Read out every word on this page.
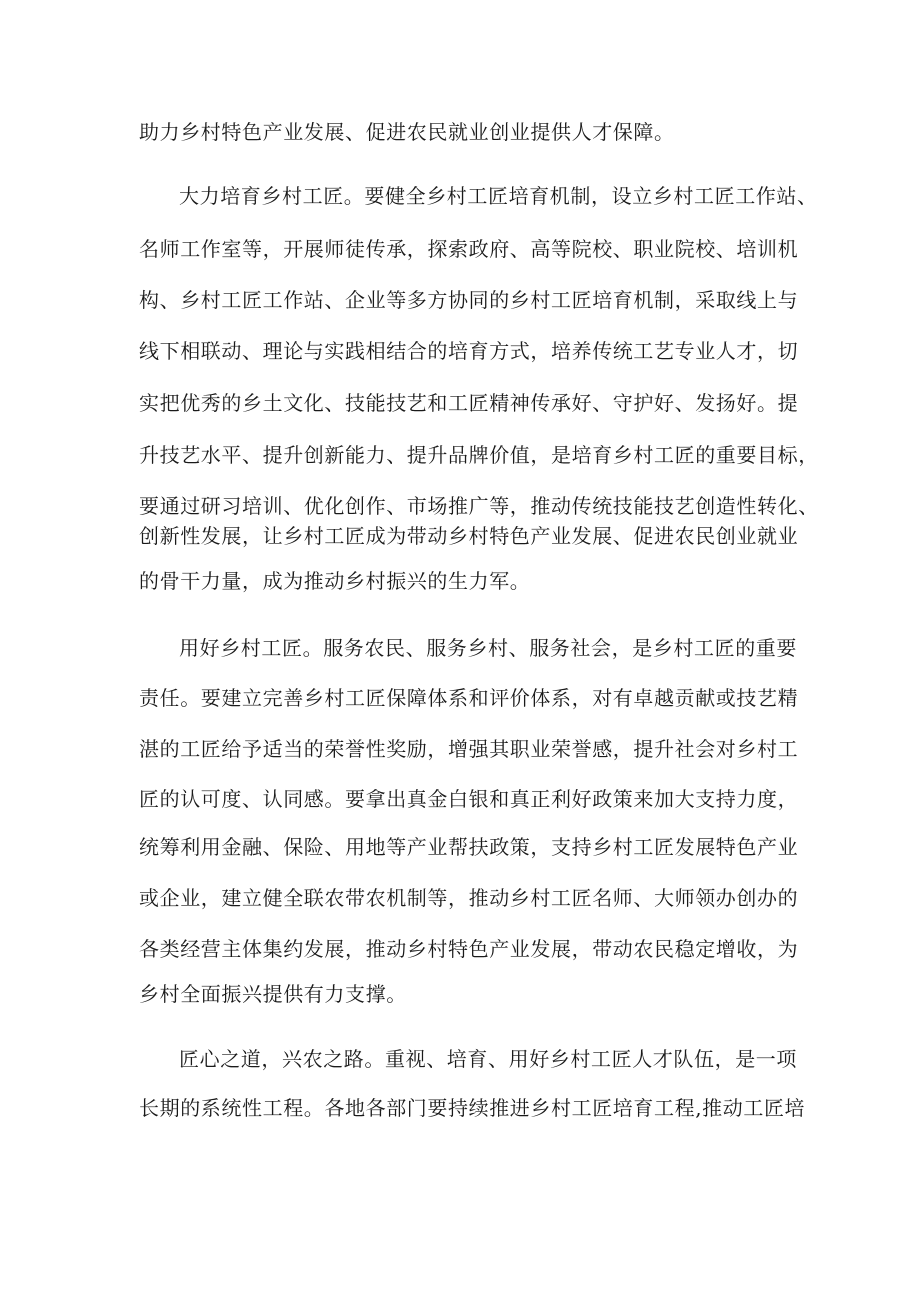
助力乡村特色产业发展、促进农民就业创业提供人才保障。
大力培育乡村工匠。要健全乡村工匠培育机制，设立乡村工匠工作站、
名师工作室等，开展师徒传承，探索政府、高等院校、职业院校、培训机
构、乡村工匠工作站、企业等多方协同的乡村工匠培育机制，采取线上与
线下相联动、理论与实践相结合的培育方式，培养传统工艺专业人才，切
实把优秀的乡土文化、技能技艺和工匠精神传承好、守护好、发扬好。提
升技艺水平、提升创新能力、提升品牌价值，是培育乡村工匠的重要目标，
要通过研习培训、优化创作、市场推广等，推动传统技能技艺创造性转化、
创新性发展，让乡村工匠成为带动乡村特色产业发展、促进农民创业就业
的骨干力量，成为推动乡村振兴的生力军。
用好乡村工匠。服务农民、服务乡村、服务社会，是乡村工匠的重要
责任。要建立完善乡村工匠保障体系和评价体系，对有卓越贡献或技艺精
湛的工匠给予适当的荣誉性奖励，增强其职业荣誉感，提升社会对乡村工
匠的认可度、认同感。要拿出真金白银和真正利好政策来加大支持力度，
统筹利用金融、保险、用地等产业帮扶政策，支持乡村工匠发展特色产业
或企业，建立健全联农带农机制等，推动乡村工匠名师、大师领办创办的
各类经营主体集约发展，推动乡村特色产业发展，带动农民稳定增收，为
乡村全面振兴提供有力支撑。
匠心之道，兴农之路。重视、培育、用好乡村工匠人才队伍，是一项
长期的系统性工程。各地各部门要持续推进乡村工匠培育工程,推动工匠培
